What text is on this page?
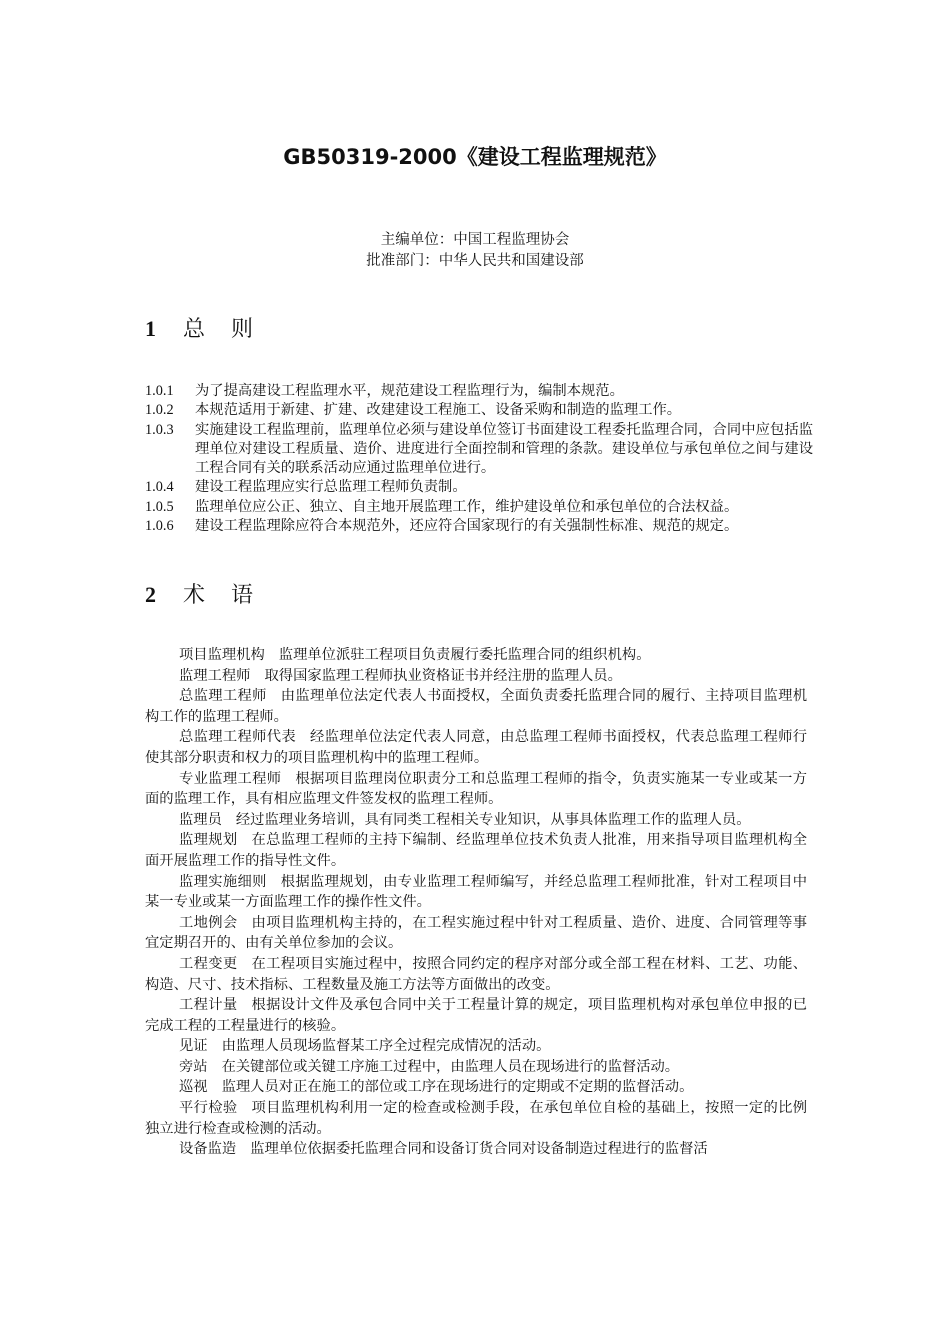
GB50319-2000《建设工程监理规范》
主编单位：中国工程监理协会
批准部门：中华人民共和国建设部
1	总则
1.0.1	为了提高建设工程监理水平，规范建设工程监理行为，编制本规范。
1.0.2	本规范适用于新建、扩建、改建建设工程施工、设备采购和制造的监理工作。
1.0.3	实施建设工程监理前，监理单位必须与建设单位签订书面建设工程委托监理合同，合同中应包括监理单位对建设工程质量、造价、进度进行全面控制和管理的条款。建设单位与承包单位之间与建设工程合同有关的联系活动应通过监理单位进行。
1.0.4	建设工程监理应实行总监理工程师负责制。
1.0.5	监理单位应公正、独立、自主地开展监理工作，维护建设单位和承包单位的合法权益。
1.0.6	建设工程监理除应符合本规范外，还应符合国家现行的有关强制性标准、规范的规定。
2	术语

项目监理机构 监理单位派驻工程项目负责履行委托监理合同的组织机构。

监理工程师 取得国家监理工程师执业资格证书并经注册的监理人员。

总监理工程师 由监理单位法定代表人书面授权，全面负责委托监理合同的履行、主持项目监理机构工作的监理工程师。

总监理工程师代表 经监理单位法定代表人同意，由总监理工程师书面授权，代表总监理工程师行使其部分职责和权力的项目监理机构中的监理工程师。

专业监理工程师 根据项目监理岗位职责分工和总监理工程师的指令，负责实施某一专业或某一方面的监理工作，具有相应监理文件签发权的监理工程师。

监理员 经过监理业务培训，具有同类工程相关专业知识，从事具体监理工作的监理人员。

监理规划 在总监理工程师的主持下编制、经监理单位技术负责人批准，用来指导项目监理机构全面开展监理工作的指导性文件。

监理实施细则 根据监理规划，由专业监理工程师编写，并经总监理工程师批准，针对工程项目中某一专业或某一方面监理工作的操作性文件。

工地例会 由项目监理机构主持的，在工程实施过程中针对工程质量、造价、进度、合同管理等事宜定期召开的、由有关单位参加的会议。

工程变更 在工程项目实施过程中，按照合同约定的程序对部分或全部工程在材料、工艺、功能、构造、尺寸、技术指标、工程数量及施工方法等方面做出的改变。

工程计量 根据设计文件及承包合同中关于工程量计算的规定，项目监理机构对承包单位申报的已完成工程的工程量进行的核验。

见证 由监理人员现场监督某工序全过程完成情况的活动。

旁站 在关键部位或关键工序施工过程中，由监理人员在现场进行的监督活动。

巡视 监理人员对正在施工的部位或工序在现场进行的定期或不定期的监督活动。

平行检验 项目监理机构利用一定的检查或检测手段，在承包单位自检的基础上，按照一定的比例独立进行检查或检测的活动。

设备监造 监理单位依据委托监理合同和设备订货合同对设备制造过程进行的监督活
